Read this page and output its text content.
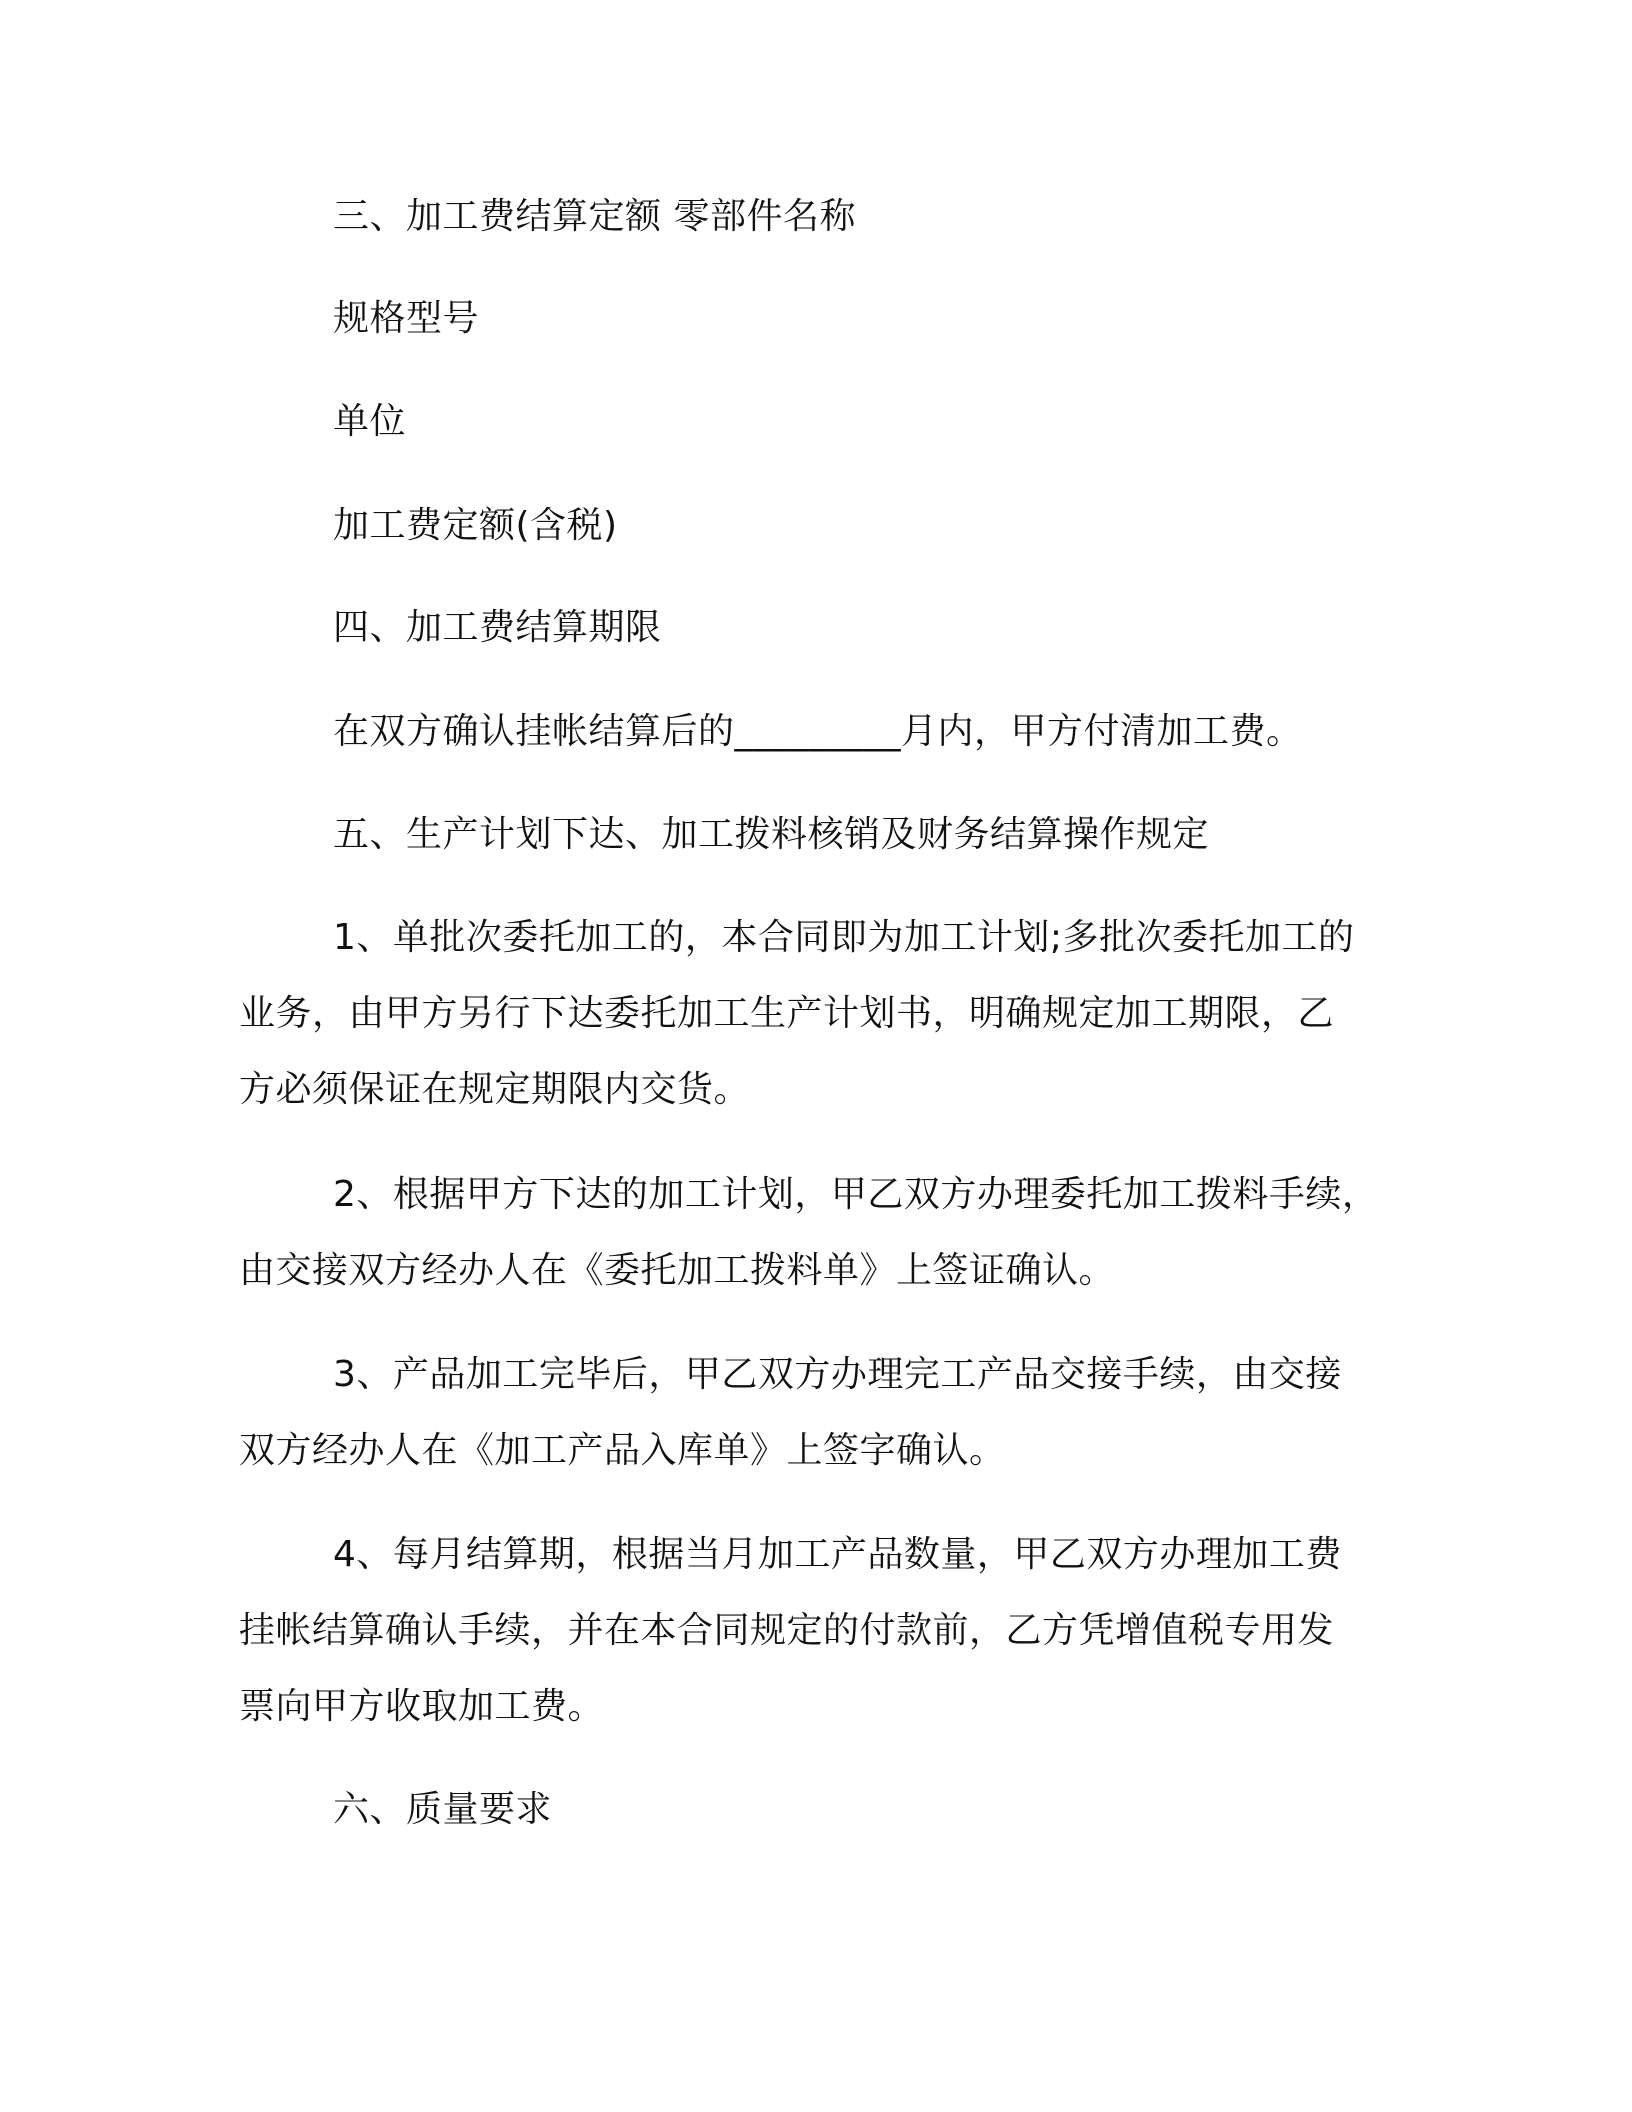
三、加工费结算定额 零部件名称
规格型号
单位
加工费定额(含税)
四、加工费结算期限
在双方确认挂帐结算后的_________月内，甲方付清加工费。
五、生产计划下达、加工拨料核销及财务结算操作规定
1、单批次委托加工的，本合同即为加工计划;多批次委托加工的
业务，由甲方另行下达委托加工生产计划书，明确规定加工期限，乙
方必须保证在规定期限内交货。
2、根据甲方下达的加工计划，甲乙双方办理委托加工拨料手续，
由交接双方经办人在《委托加工拨料单》上签证确认。
3、产品加工完毕后，甲乙双方办理完工产品交接手续，由交接
双方经办人在《加工产品入库单》上签字确认。
4、每月结算期，根据当月加工产品数量，甲乙双方办理加工费
挂帐结算确认手续，并在本合同规定的付款前，乙方凭增值税专用发
票向甲方收取加工费。
六、质量要求
